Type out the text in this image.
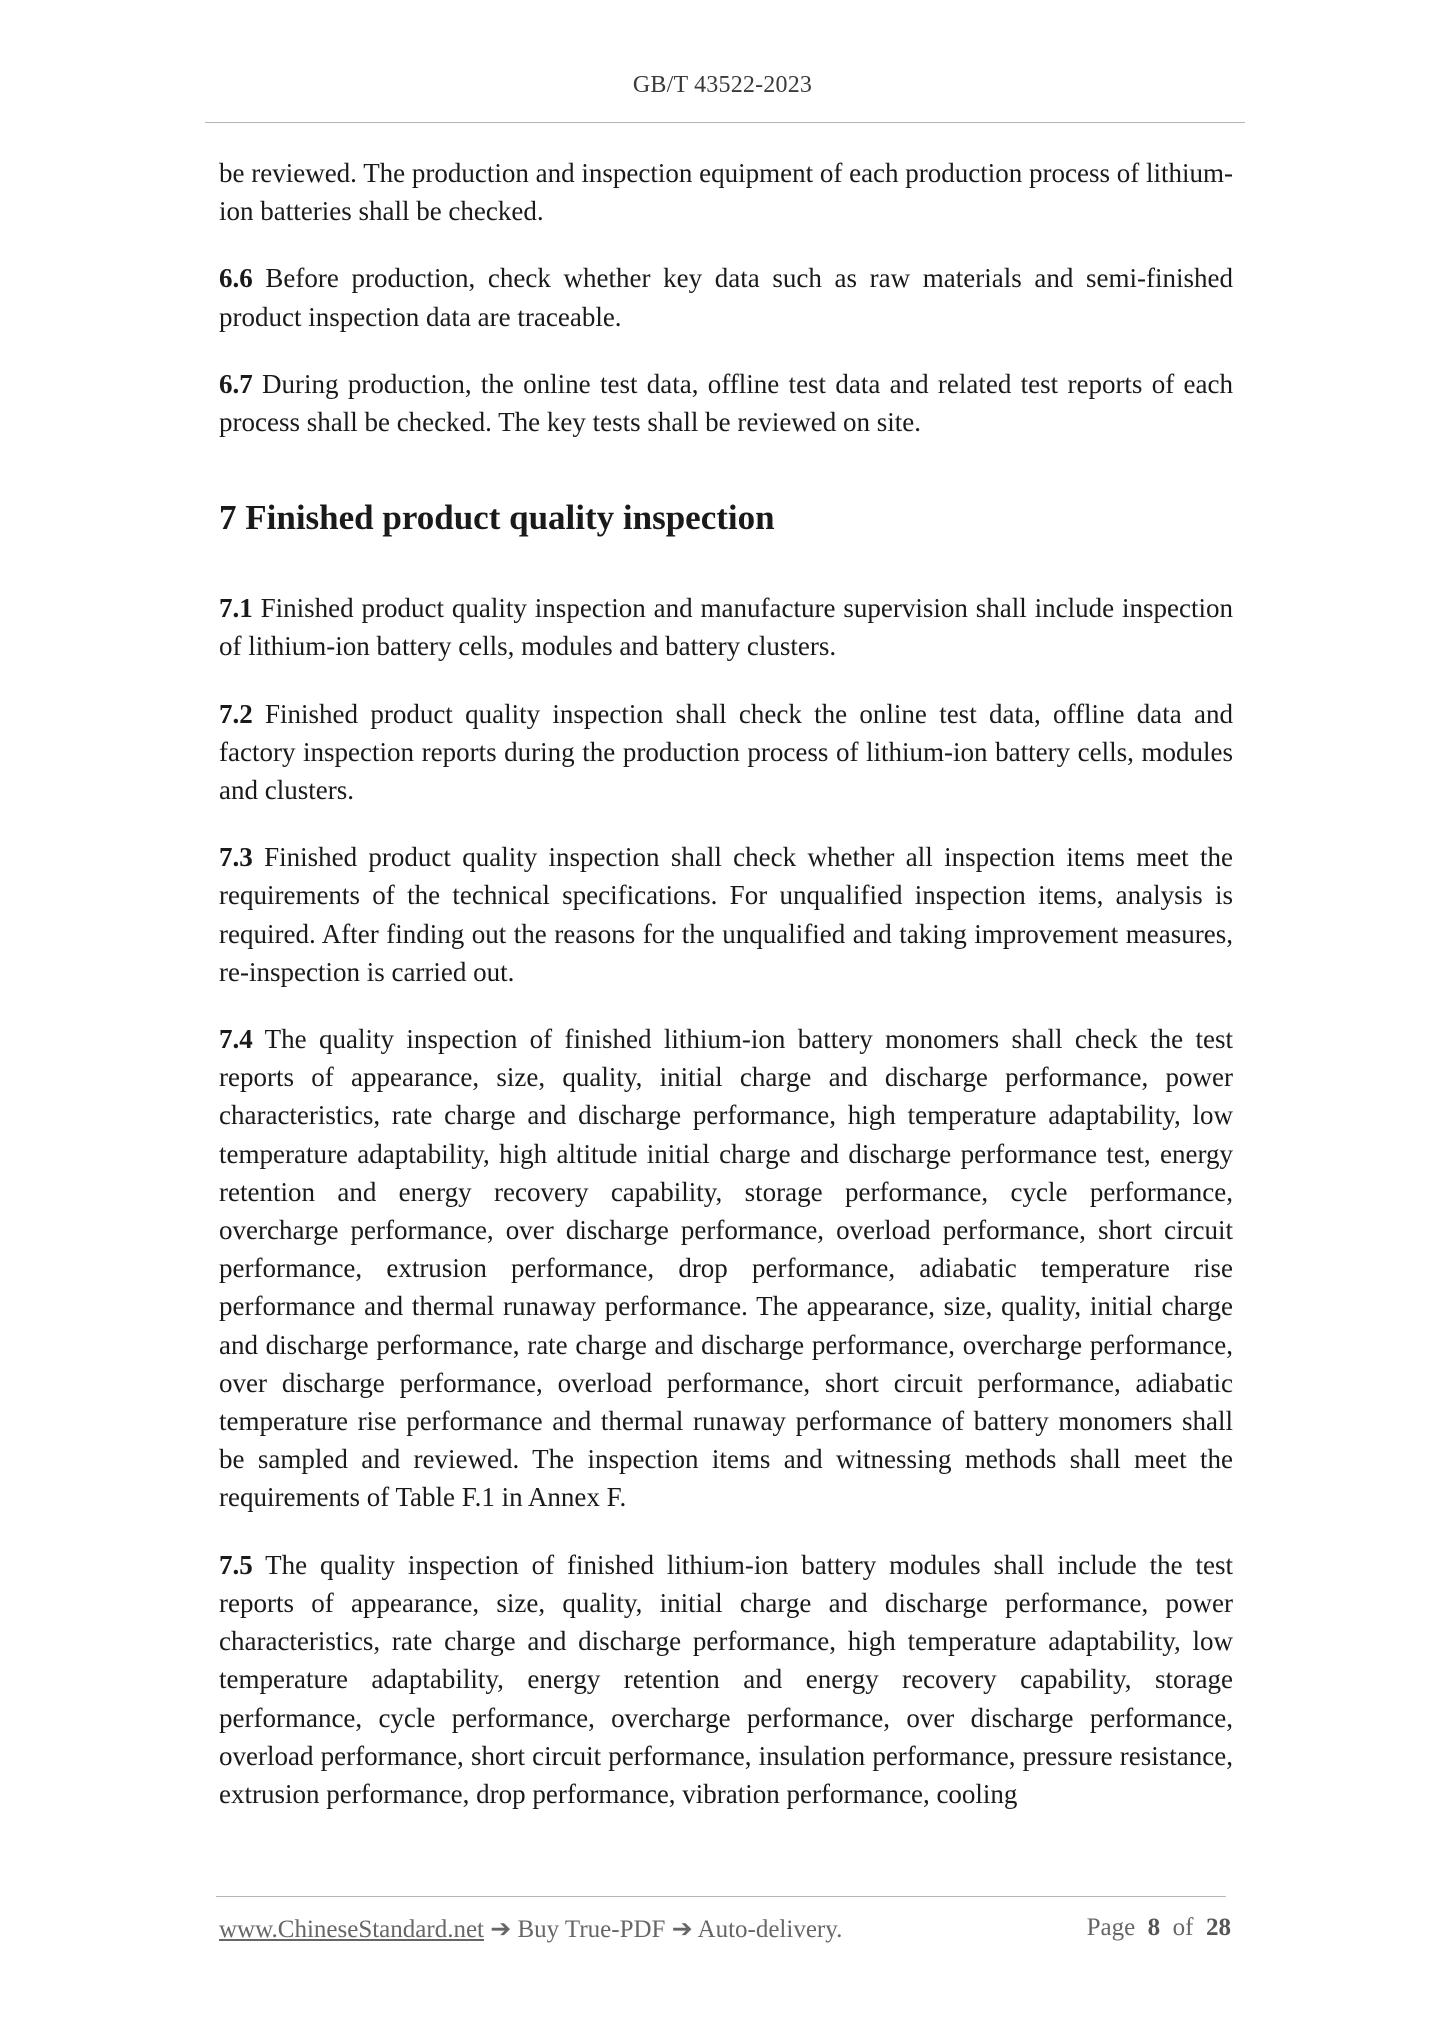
GB/T 43522-2023

be reviewed. The production and inspection equipment of each production process of lithium-ion batteries shall be checked.

6.6 Before production, check whether key data such as raw materials and semi-finished product inspection data are traceable.

6.7 During production, the online test data, offline test data and related test reports of each process shall be checked. The key tests shall be reviewed on site.

7 Finished product quality inspection

7.1 Finished product quality inspection and manufacture supervision shall include inspection of lithium-ion battery cells, modules and battery clusters.

7.2 Finished product quality inspection shall check the online test data, offline data and factory inspection reports during the production process of lithium-ion battery cells, modules and clusters.

7.3 Finished product quality inspection shall check whether all inspection items meet the requirements of the technical specifications. For unqualified inspection items, analysis is required. After finding out the reasons for the unqualified and taking improvement measures, re-inspection is carried out.

7.4 The quality inspection of finished lithium-ion battery monomers shall check the test reports of appearance, size, quality, initial charge and discharge performance, power characteristics, rate charge and discharge performance, high temperature adaptability, low temperature adaptability, high altitude initial charge and discharge performance test, energy retention and energy recovery capability, storage performance, cycle performance, overcharge performance, over discharge performance, overload performance, short circuit performance, extrusion performance, drop performance, adiabatic temperature rise performance and thermal runaway performance. The appearance, size, quality, initial charge and discharge performance, rate charge and discharge performance, overcharge performance, over discharge performance, overload performance, short circuit performance, adiabatic temperature rise performance and thermal runaway performance of battery monomers shall be sampled and reviewed. The inspection items and witnessing methods shall meet the requirements of Table F.1 in Annex F.

7.5 The quality inspection of finished lithium-ion battery modules shall include the test reports of appearance, size, quality, initial charge and discharge performance, power characteristics, rate charge and discharge performance, high temperature adaptability, low temperature adaptability, energy retention and energy recovery capability, storage performance, cycle performance, overcharge performance, over discharge performance, overload performance, short circuit performance, insulation performance, pressure resistance, extrusion performance, drop performance, vibration performance, cooling

www.ChineseStandard.net ➔ Buy True-PDF ➔ Auto-delivery.	Page 8 of 28
